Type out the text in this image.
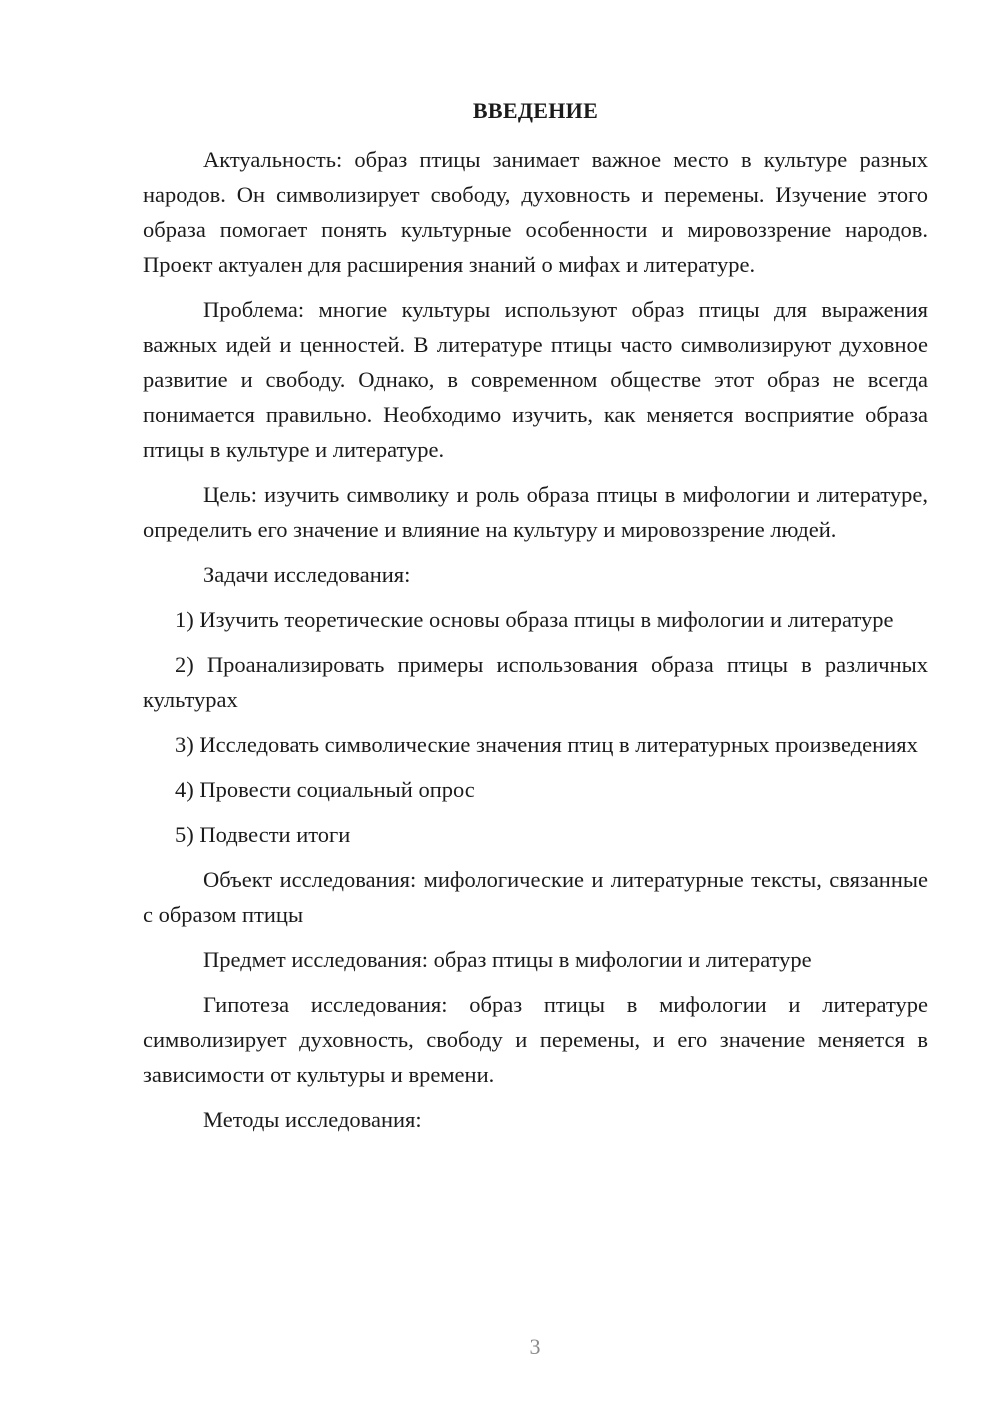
ВВЕДЕНИЕ

Актуальность: образ птицы занимает важное место в культуре разных народов. Он символизирует свободу, духовность и перемены. Изучение этого образа помогает понять культурные особенности и мировоззрение народов. Проект актуален для расширения знаний о мифах и литературе.

Проблема: многие культуры используют образ птицы для выражения важных идей и ценностей. В литературе птицы часто символизируют духовное развитие и свободу. Однако, в современном обществе этот образ не всегда понимается правильно. Необходимо изучить, как меняется восприятие образа птицы в культуре и литературе.

Цель: изучить символику и роль образа птицы в мифологии и литературе, определить его значение и влияние на культуру и мировоззрение людей.

Задачи исследования:

1) Изучить теоретические основы образа птицы в мифологии и литературе

2) Проанализировать примеры использования образа птицы в различных культурах

3) Исследовать символические значения птиц в литературных произведениях

4) Провести социальный опрос

5) Подвести итоги

Объект исследования: мифологические и литературные тексты, связанные с образом птицы

Предмет исследования: образ птицы в мифологии и литературе

Гипотеза исследования: образ птицы в мифологии и литературе символизирует духовность, свободу и перемены, и его значение меняется в зависимости от культуры и времени.

Методы исследования:

3
